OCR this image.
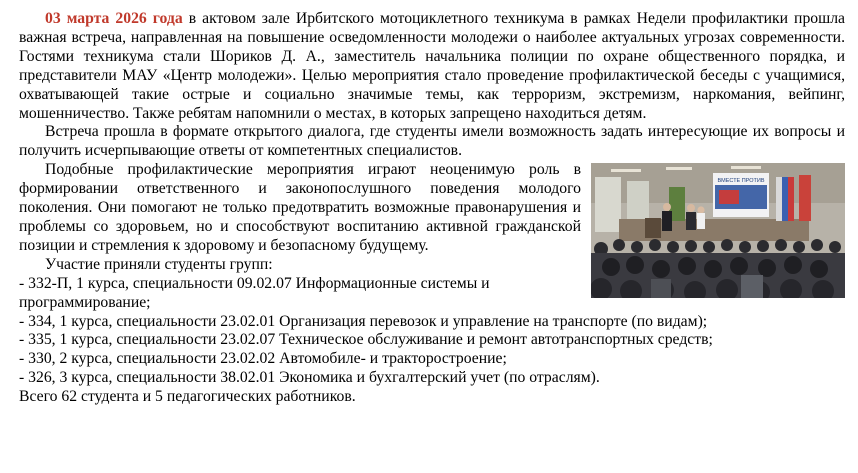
03 марта 2026 года в актовом зале Ирбитского мотоциклетного техникума в рамках Недели профилактики прошла важная встреча, направленная на повышение осведомленности молодежи о наиболее актуальных угрозах современности. Гостями техникума стали Шориков Д. А., заместитель начальника полиции по охране общественного порядка, и представители МАУ «Центр молодежи». Целью мероприятия стало проведение профилактической беседы с учащимися, охватывающей такие острые и социально значимые темы, как терроризм, экстремизм, наркомания, вейпинг, мошенничество. Также ребятам напомнили о местах, в которых запрещено находиться детям.

Встреча прошла в формате открытого диалога, где студенты имели возможность задать интересующие их вопросы и получить исчерпывающие ответы от компетентных специалистов.

ВМЕСТЕ ПРОТИВ

Подобные профилактические мероприятия играют неоценимую роль в формировании ответственного и законопослушного поведения молодого поколения. Они помогают не только предотвратить возможные правонарушения и проблемы со здоровьем, но и способствуют воспитанию активной гражданской позиции и стремления к здоровому и безопасному будущему.

Участие приняли студенты групп:

- 332-П, 1 курса, специальности 09.02.07 Информационные системы и программирование;

- 334, 1 курса, специальности 23.02.01 Организация перевозок и управление на транспорте (по видам);

- 335, 1 курса, специальности 23.02.07 Техническое обслуживание и ремонт автотранспортных средств;

- 330, 2 курса, специальности 23.02.02 Автомобиле- и тракторостроение;

- 326, 3 курса, специальности 38.02.01 Экономика и бухгалтерский учет (по отраслям).

Всего 62 студента и 5 педагогических работников.
